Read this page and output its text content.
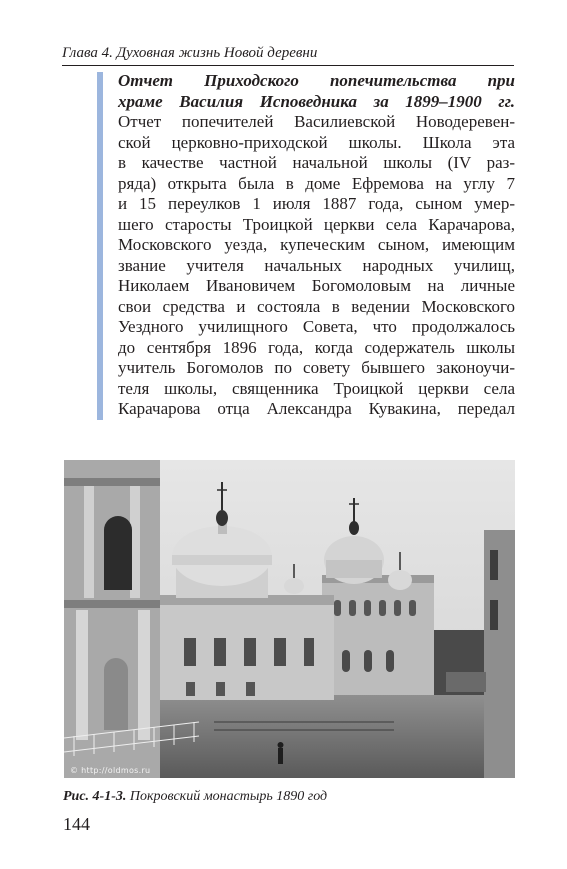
Глава 4. Духовная жизнь Новой деревни
Отчет Приходского попечительства при
храме Василия Исповедника за 1899–1900 гг.
Отчет попечителей Василиевской Новодеревен-
ской церковно-приходской школы. Школа эта
в качестве частной начальной школы (IV раз-
ряда) открыта была в доме Ефремова на углу 7
и 15 переулков 1 июля 1887 года, сыном умер-
шего старосты Троицкой церкви села Карачарова,
Московского уезда, купеческим сыном, имеющим
звание учителя начальных народных училищ,
Николаем Ивановичем Богомоловым на личные
свои средства и состояла в ведении Московского
Уездного училищного Совета, что продолжалось
до сентября 1896 года, когда содержатель школы
учитель Богомолов по совету бывшего законоучи-
теля школы, священника Троицкой церкви села
Карачарова отца Александра Кувакина, передал
© http://oldmos.ru
Рис. 4-1-3. Покровский монастырь 1890 год
144
